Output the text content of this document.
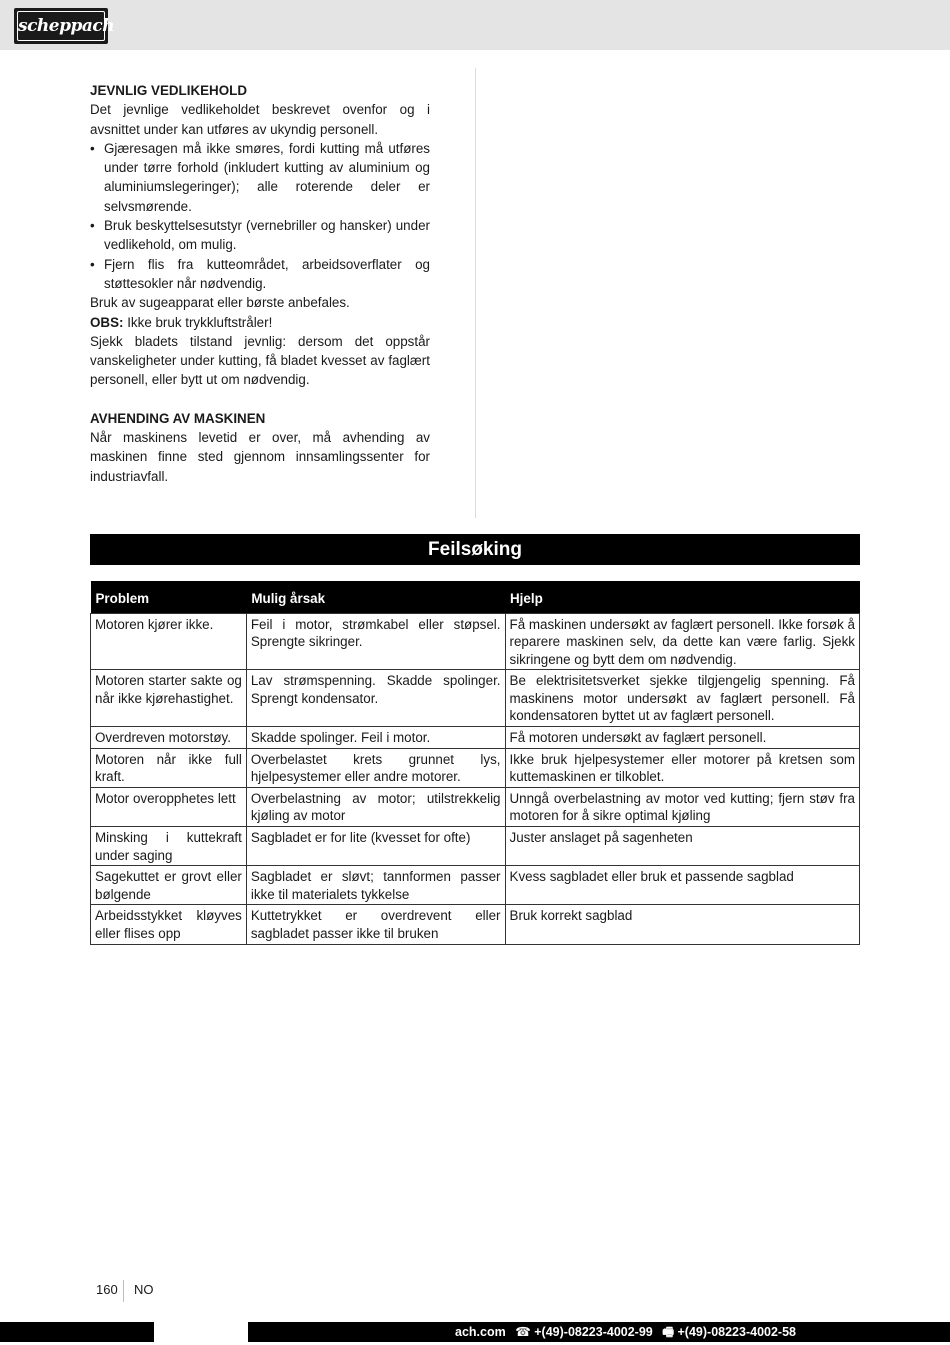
scheppach
JEVNLIG VEDLIKEHOLD

Det jevnlige vedlikeholdet beskrevet ovenfor og i avsnittet under kan utføres av ukyndig personell.

• Gjæresagen må ikke smøres, fordi kutting må utføres under tørre forhold (inkludert kutting av aluminium og aluminiumslegeringer); alle roterende deler er selvsmørende.
• Bruk beskyttelsesutstyr (vernebriller og hansker) under vedlikehold, om mulig.
• Fjern flis fra kutteområdet, arbeidsoverflater og støttesokler når nødvendig.

Bruk av sugeapparat eller børste anbefales.

OBS: Ikke bruk trykkluftstråler!

Sjekk bladets tilstand jevnlig: dersom det oppstår vanskeligheter under kutting, få bladet kvesset av faglært personell, eller bytt ut om nødvendig.

AVHENDING AV MASKINEN

Når maskinens levetid er over, må avhending av maskinen finne sted gjennom innsamlingssenter for industriavfall.

Feilsøking
Problem	Mulig årsak	Hjelp
Motoren kjører ikke.	Feil i motor, strømkabel eller støpsel. Sprengte sikringer.	Få maskinen undersøkt av faglært personell. Ikke forsøk å reparere maskinen selv, da dette kan være farlig. Sjekk sikringene og bytt dem om nødvendig.
Motoren starter sakte og når ikke kjørehastighet.	Lav strømspenning. Skadde spolinger. Sprengt kondensator.	Be elektrisitetsverket sjekke tilgjengelig spenning. Få maskinens motor undersøkt av faglært personell. Få kondensatoren byttet ut av faglært personell.
Overdreven motorstøy.	Skadde spolinger. Feil i motor.	Få motoren undersøkt av faglært personell.
Motoren når ikke full kraft.	Overbelastet krets grunnet lys, hjelpesystemer eller andre motorer.	Ikke bruk hjelpesystemer eller motorer på kretsen som kuttemaskinen er tilkoblet.
Motor overopphetes lett	Overbelastning av motor; utilstrekkelig kjøling av motor	Unngå overbelastning av motor ved kutting; fjern støv fra motoren for å sikre optimal kjøling
Minsking i kuttekraft under saging	Sagbladet er for lite (kvesset for ofte)	Juster anslaget på sagenheten
Sagekuttet er grovt eller bølgende	Sagbladet er sløvt; tannformen passer ikke til materialets tykkelse	Kvess sagbladet eller bruk et passende sagblad
Arbeidsstykket kløyves eller flises opp	Kuttetrykket er overdrevent eller sagbladet passer ikke til bruken	Bruk korrekt sagblad
160 NO
ach.com ☎ +(49)-08223-4002-99 🖷 +(49)-08223-4002-58
